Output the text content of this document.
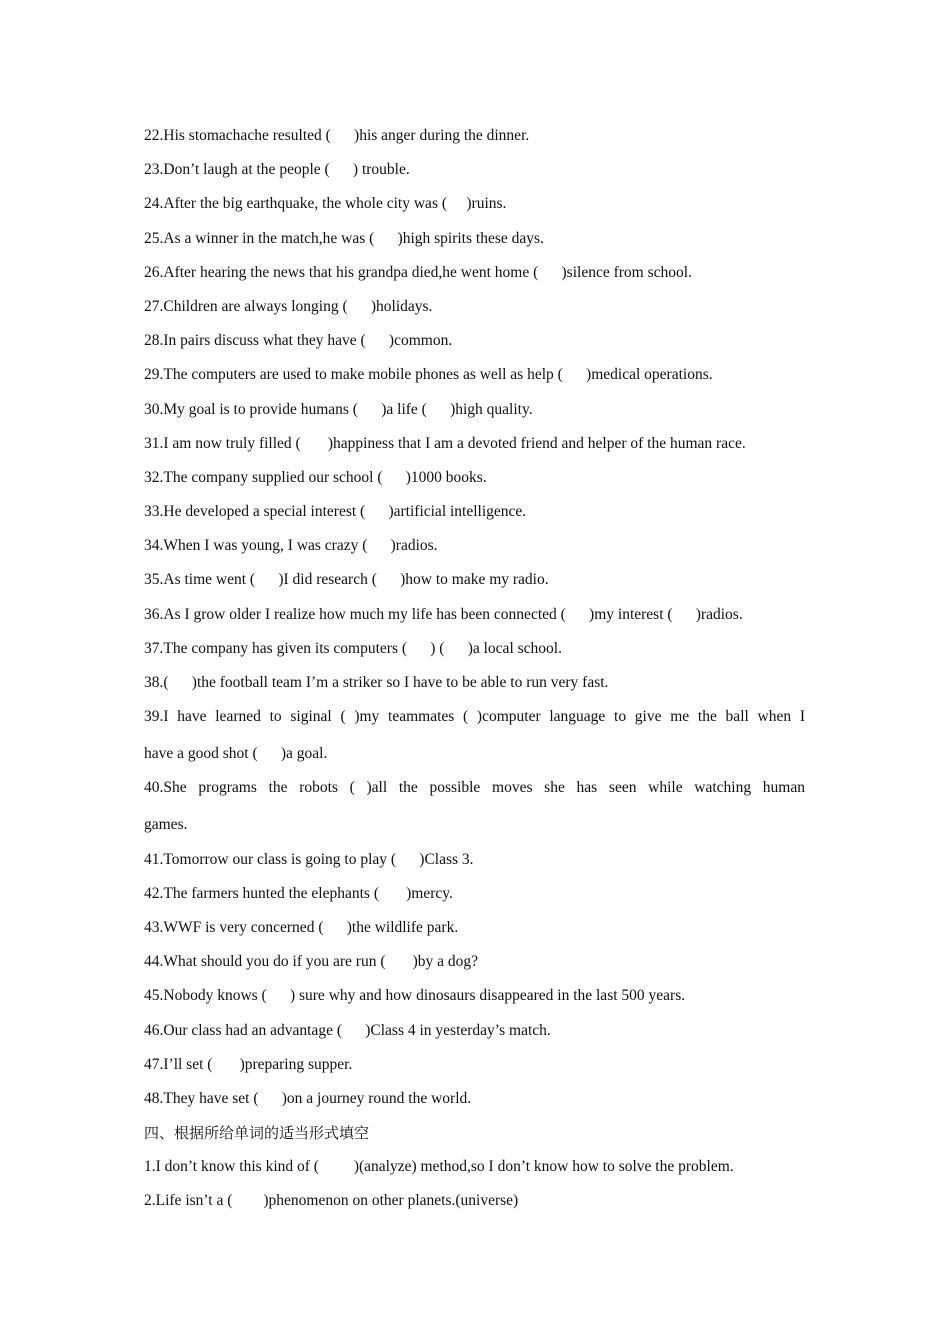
22.His stomachache resulted (      )his anger during the dinner.
23.Don’t laugh at the people (      ) trouble.
24.After the big earthquake, the whole city was (     )ruins.
25.As a winner in the match,he was (      )high spirits these days.
26.After hearing the news that his grandpa died,he went home (      )silence from school.
27.Children are always longing (      )holidays.
28.In pairs discuss what they have (      )common.
29.The computers are used to make mobile phones as well as help (      )medical operations.
30.My goal is to provide humans (      )a life (      )high quality.
31.I am now truly filled (       )happiness that I am a devoted friend and helper of the human race.
32.The company supplied our school (      )1000 books.
33.He developed a special interest (      )artificial intelligence.
34.When I was young, I was crazy (      )radios.
35.As time went (      )I did research (      )how to make my radio.
36.As I grow older I realize how much my life has been connected (      )my interest (      )radios.
37.The company has given its computers (      ) (      )a local school.
38.(      )the football team I’m a striker so I have to be able to run very fast.
39.I have learned to siginal ( )my teammates ( )computer language to give me the ball when I
have a good shot (      )a goal.
40.She programs the robots ( )all the possible moves she has seen while watching human
games.
41.Tomorrow our class is going to play (      )Class 3.
42.The farmers hunted the elephants (       )mercy.
43.WWF is very concerned (      )the wildlife park.
44.What should you do if you are run (       )by a dog?
45.Nobody knows (      ) sure why and how dinosaurs disappeared in the last 500 years.
46.Our class had an advantage (      )Class 4 in yesterday’s match.
47.I’ll set (       )preparing supper.
48.They have set (      )on a journey round the world.
四、根据所给单词的适当形式填空
1.I don’t know this kind of (         )(analyze) method,so I don’t know how to solve the problem.
2.Life isn’t a (        )phenomenon on other planets.(universe)
